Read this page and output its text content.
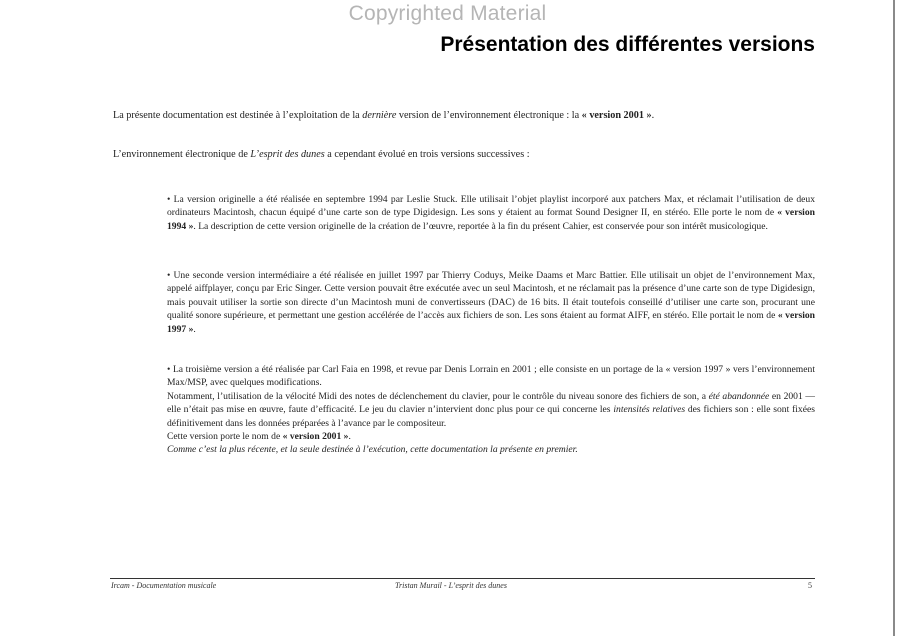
Copyrighted Material
Présentation des différentes versions
La présente documentation est destinée à l’exploitation de la dernière version de l’environnement électronique : la « version 2001 ».
L’environnement électronique de L’esprit des dunes a cependant évolué en trois versions successives :

• La version originelle a été réalisée en septembre 1994 par Leslie Stuck. Elle utilisait l’objet playlist incorporé aux patchers Max, et réclamait l’utilisation de deux ordinateurs Macintosh, chacun équipé d’une carte son de type Digidesign. Les sons y étaient au format Sound Designer II, en stéréo. Elle porte le nom de « version 1994 ». La description de cette version originelle de la création de l’œuvre, reportée à la fin du présent Cahier, est conservée pour son intérêt musicologique.

• Une seconde version intermédiaire a été réalisée en juillet 1997 par Thierry Coduys, Meike Daams et Marc Battier. Elle utilisait un objet de l’environnement Max, appelé aiffplayer, conçu par Eric Singer. Cette version pouvait être exécutée avec un seul Macintosh, et ne réclamait pas la présence d’une carte son de type Digidesign, mais pouvait utiliser la sortie son directe d’un Macintosh muni de convertisseurs (DAC) de 16 bits. Il était toutefois conseillé d’utiliser une carte son, procurant une qualité sonore supérieure, et permettant une gestion accélérée de l’accès aux fichiers de son. Les sons étaient au format AIFF, en stéréo. Elle portait le nom de « version 1997 ».

• La troisième version a été réalisée par Carl Faia en 1998, et revue par Denis Lorrain en 2001 ; elle consiste en un portage de la « version 1997 » vers l’environnement Max/MSP, avec quelques modifications.

Notamment, l’utilisation de la vélocité Midi des notes de déclenchement du clavier, pour le contrôle du niveau sonore des fichiers de son, a été abandonnée en 2001 — elle n’était pas mise en œuvre, faute d’efficacité. Le jeu du clavier n’intervient donc plus pour ce qui concerne les intensités relatives des fichiers son : elle sont fixées définitivement dans les données préparées à l’avance par le compositeur.

Cette version porte le nom de « version 2001 ».

Comme c’est la plus récente, et la seule destinée à l’exécution, cette documentation la présente en premier.

Ircam - Documentation musicale	Tristan Murail - L’esprit des dunes	5
